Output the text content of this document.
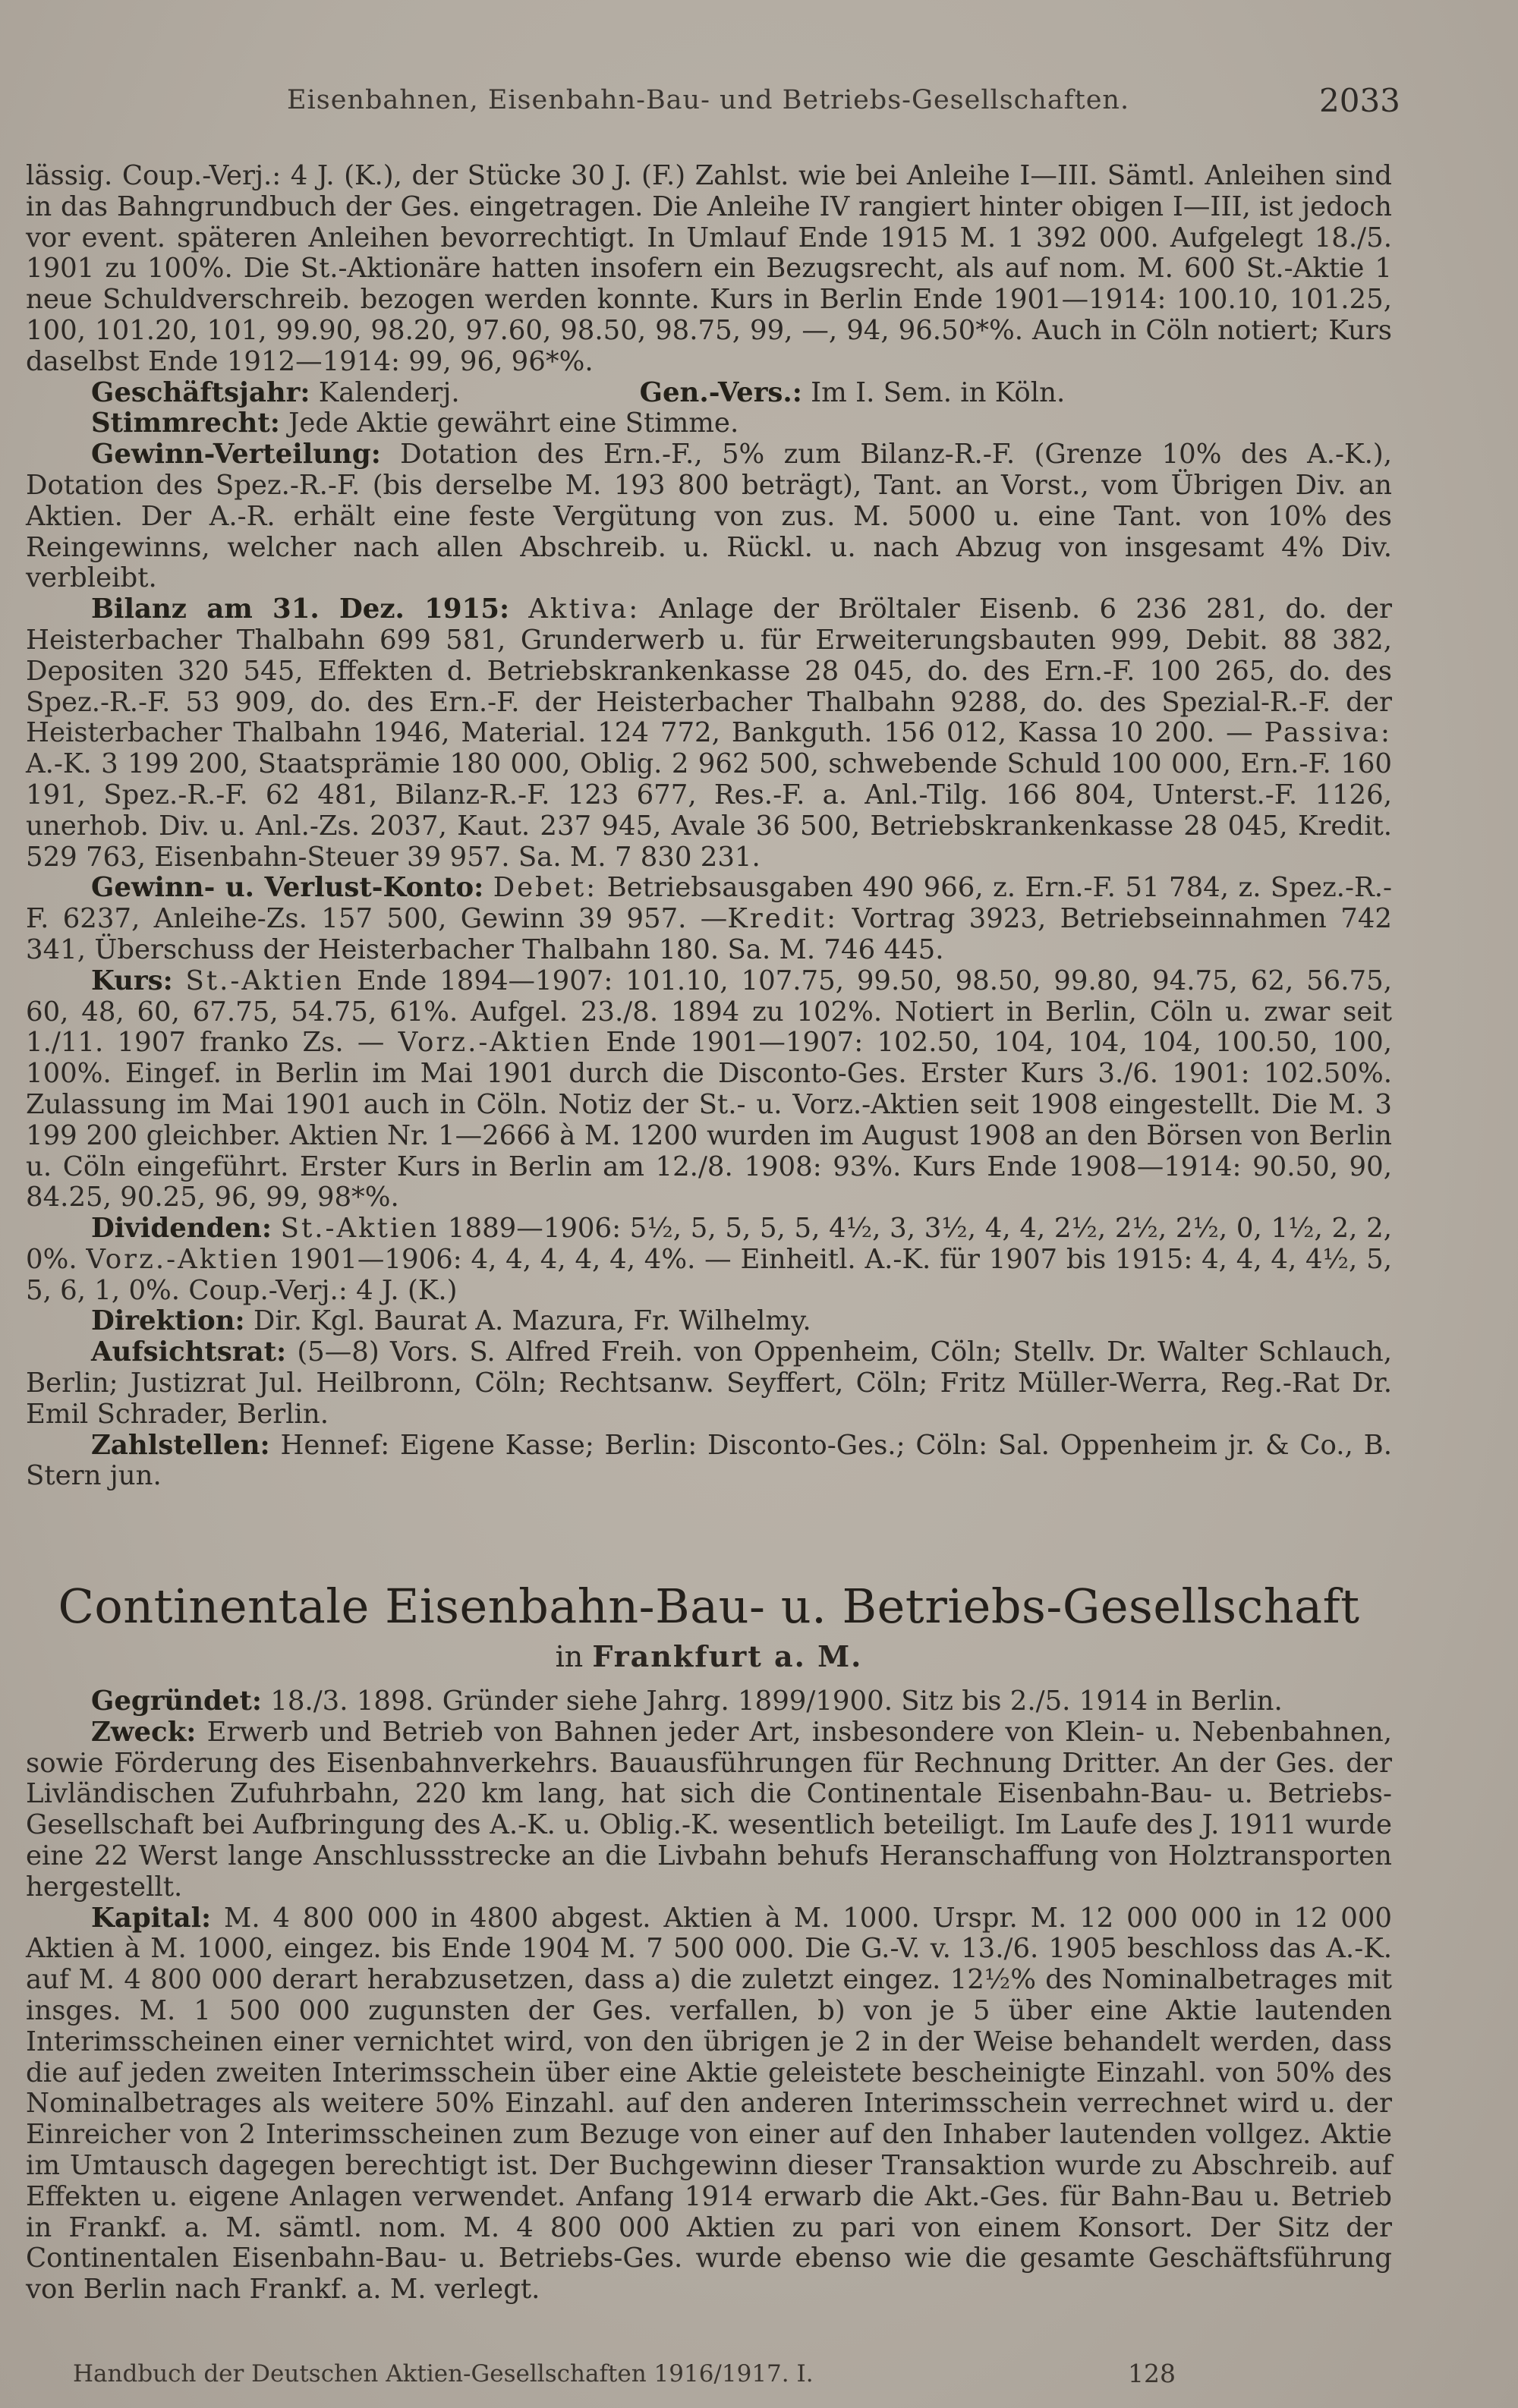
Eisenbahnen, Eisenbahn-Bau- und Betriebs-Gesellschaften.	2033

lässig. Coup.-Verj.: 4 J. (K.), der Stücke 30 J. (F.) Zahlst. wie bei Anleihe I—III. Sämtl. Anleihen sind in das Bahngrundbuch der Ges. eingetragen. Die Anleihe IV rangiert hinter obigen I—III, ist jedoch vor event. späteren Anleihen bevorrechtigt. In Umlauf Ende 1915 M. 1 392 000. Aufgelegt 18./5. 1901 zu 100%. Die St.-Aktionäre hatten insofern ein Bezugsrecht, als auf nom. M. 600 St.-Aktie 1 neue Schuldverschreib. bezogen werden konnte. Kurs in Berlin Ende 1901—1914: 100.10, 101.25, 100, 101.20, 101, 99.90, 98.20, 97.60, 98.50, 98.75, 99, —, 94, 96.50*%. Auch in Cöln notiert; Kurs daselbst Ende 1912—1914: 99, 96, 96*%.

Geschäftsjahr: Kalenderj.	Gen.-Vers.: Im I. Sem. in Köln.

Stimmrecht: Jede Aktie gewährt eine Stimme.

Gewinn-Verteilung: Dotation des Ern.-F., 5% zum Bilanz-R.-F. (Grenze 10% des A.-K.), Dotation des Spez.-R.-F. (bis derselbe M. 193 800 beträgt), Tant. an Vorst., vom Übrigen Div. an Aktien. Der A.-R. erhält eine feste Vergütung von zus. M. 5000 u. eine Tant. von 10% des Reingewinns, welcher nach allen Abschreib. u. Rückl. u. nach Abzug von insgesamt 4% Div. verbleibt.

Bilanz am 31. Dez. 1915: Aktiva: Anlage der Bröltaler Eisenb. 6 236 281, do. der Heisterbacher Thalbahn 699 581, Grunderwerb u. für Erweiterungsbauten 999, Debit. 88 382, Depositen 320 545, Effekten d. Betriebskrankenkasse 28 045, do. des Ern.-F. 100 265, do. des Spez.-R.-F. 53 909, do. des Ern.-F. der Heisterbacher Thalbahn 9288, do. des Spezial-R.-F. der Heisterbacher Thalbahn 1946, Material. 124 772, Bankguth. 156 012, Kassa 10 200. — Passiva: A.-K. 3 199 200, Staatsprämie 180 000, Oblig. 2 962 500, schwebende Schuld 100 000, Ern.-F. 160 191, Spez.-R.-F. 62 481, Bilanz-R.-F. 123 677, Res.-F. a. Anl.-Tilg. 166 804, Unterst.-F. 1126, unerhob. Div. u. Anl.-Zs. 2037, Kaut. 237 945, Avale 36 500, Betriebskrankenkasse 28 045, Kredit. 529 763, Eisenbahn-Steuer 39 957. Sa. M. 7 830 231.

Gewinn- u. Verlust-Konto: Debet: Betriebsausgaben 490 966, z. Ern.-F. 51 784, z. Spez.-R.-F. 6237, Anleihe-Zs. 157 500, Gewinn 39 957. —Kredit: Vortrag 3923, Betriebseinnahmen 742 341, Überschuss der Heisterbacher Thalbahn 180. Sa. M. 746 445.

Kurs: St.-Aktien Ende 1894—1907: 101.10, 107.75, 99.50, 98.50, 99.80, 94.75, 62, 56.75, 60, 48, 60, 67.75, 54.75, 61%. Aufgel. 23./8. 1894 zu 102%. Notiert in Berlin, Cöln u. zwar seit 1./11. 1907 franko Zs. — Vorz.-Aktien Ende 1901—1907: 102.50, 104, 104, 104, 100.50, 100, 100%. Eingef. in Berlin im Mai 1901 durch die Disconto-Ges. Erster Kurs 3./6. 1901: 102.50%. Zulassung im Mai 1901 auch in Cöln. Notiz der St.- u. Vorz.-Aktien seit 1908 eingestellt. Die M. 3 199 200 gleichber. Aktien Nr. 1—2666 à M. 1200 wurden im August 1908 an den Börsen von Berlin u. Cöln eingeführt. Erster Kurs in Berlin am 12./8. 1908: 93%. Kurs Ende 1908—1914: 90.50, 90, 84.25, 90.25, 96, 99, 98*%.

Dividenden: St.-Aktien 1889—1906: 5½, 5, 5, 5, 5, 4½, 3, 3½, 4, 4, 2½, 2½, 2½, 0, 1½, 2, 2, 0%. Vorz.-Aktien 1901—1906: 4, 4, 4, 4, 4, 4%. — Einheitl. A.-K. für 1907 bis 1915: 4, 4, 4, 4½, 5, 5, 6, 1, 0%. Coup.-Verj.: 4 J. (K.)

Direktion: Dir. Kgl. Baurat A. Mazura, Fr. Wilhelmy.

Aufsichtsrat: (5—8) Vors. S. Alfred Freih. von Oppenheim, Cöln; Stellv. Dr. Walter Schlauch, Berlin; Justizrat Jul. Heilbronn, Cöln; Rechtsanw. Seyffert, Cöln; Fritz Müller-Werra, Reg.-Rat Dr. Emil Schrader, Berlin.

Zahlstellen: Hennef: Eigene Kasse; Berlin: Disconto-Ges.; Cöln: Sal. Oppenheim jr. & Co., B. Stern jun.

Continentale Eisenbahn-Bau- u. Betriebs-Gesellschaft
in Frankfurt a. M.

Gegründet: 18./3. 1898. Gründer siehe Jahrg. 1899/1900. Sitz bis 2./5. 1914 in Berlin.

Zweck: Erwerb und Betrieb von Bahnen jeder Art, insbesondere von Klein- u. Nebenbahnen, sowie Förderung des Eisenbahnverkehrs. Bauausführungen für Rechnung Dritter. An der Ges. der Livländischen Zufuhrbahn, 220 km lang, hat sich die Continentale Eisenbahn-Bau- u. Betriebs-Gesellschaft bei Aufbringung des A.-K. u. Oblig.-K. wesentlich beteiligt. Im Laufe des J. 1911 wurde eine 22 Werst lange Anschlussstrecke an die Livbahn behufs Heranschaffung von Holztransporten hergestellt.

Kapital: M. 4 800 000 in 4800 abgest. Aktien à M. 1000. Urspr. M. 12 000 000 in 12 000 Aktien à M. 1000, eingez. bis Ende 1904 M. 7 500 000. Die G.-V. v. 13./6. 1905 beschloss das A.-K. auf M. 4 800 000 derart herabzusetzen, dass a) die zuletzt eingez. 12½% des Nominalbetrages mit insges. M. 1 500 000 zugunsten der Ges. verfallen, b) von je 5 über eine Aktie lautenden Interimsscheinen einer vernichtet wird, von den übrigen je 2 in der Weise behandelt werden, dass die auf jeden zweiten Interimsschein über eine Aktie geleistete bescheinigte Einzahl. von 50% des Nominalbetrages als weitere 50% Einzahl. auf den anderen Interimsschein verrechnet wird u. der Einreicher von 2 Interimsscheinen zum Bezuge von einer auf den Inhaber lautenden vollgez. Aktie im Umtausch dagegen berechtigt ist. Der Buchgewinn dieser Transaktion wurde zu Abschreib. auf Effekten u. eigene Anlagen verwendet. Anfang 1914 erwarb die Akt.-Ges. für Bahn-Bau u. Betrieb in Frankf. a. M. sämtl. nom. M. 4 800 000 Aktien zu pari von einem Konsort. Der Sitz der Continentalen Eisenbahn-Bau- u. Betriebs-Ges. wurde ebenso wie die gesamte Geschäftsführung von Berlin nach Frankf. a. M. verlegt.

Handbuch der Deutschen Aktien-Gesellschaften 1916/1917. I.	128
